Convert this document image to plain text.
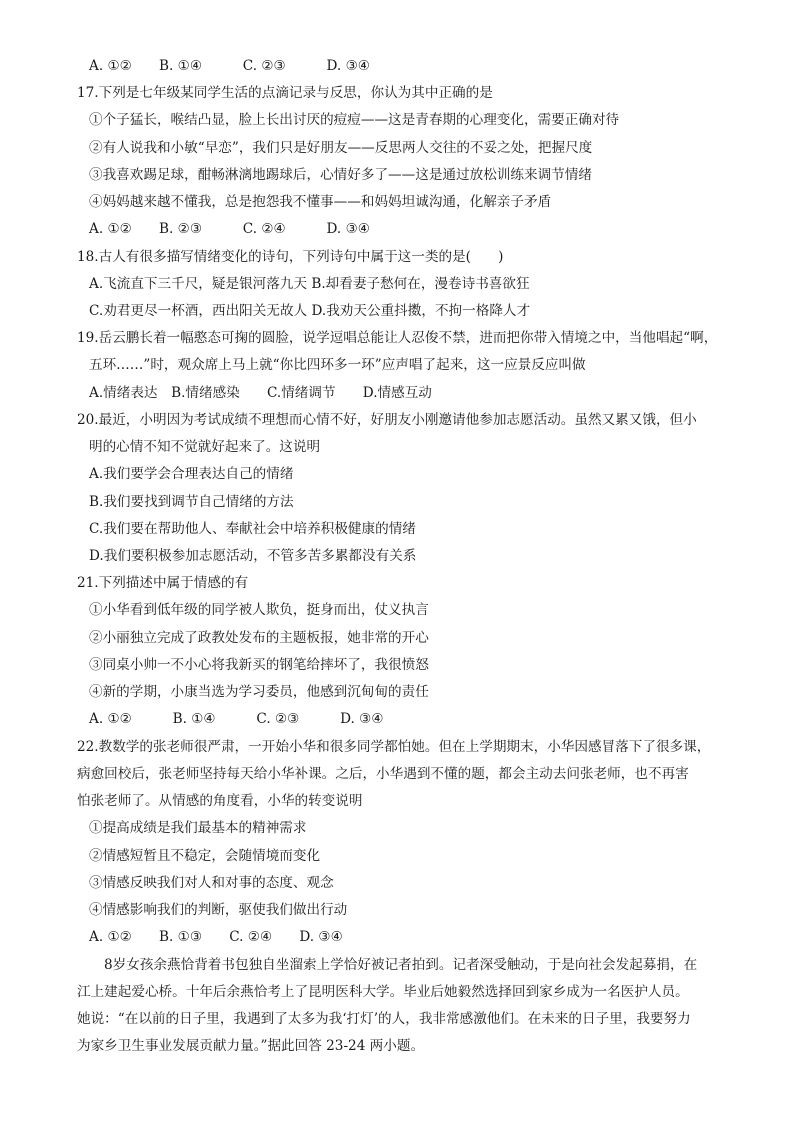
A. ①②　　B. ①④　　　C. ②③　　　D. ③④
17.下列是七年级某同学生活的点滴记录与反思，你认为其中正确的是
①个子猛长，喉结凸显，脸上长出讨厌的痘痘——这是青春期的心理变化，需要正确对待
②有人说我和小敏“早恋”，我们只是好朋友——反思两人交往的不妥之处，把握尺度
③我喜欢踢足球，酣畅淋漓地踢球后，心情好多了——这是通过放松训练来调节情绪
④妈妈越来越不懂我，总是抱怨我不懂事——和妈妈坦诚沟通，化解亲子矛盾
A. ①②　　B. ②③　　　C. ②④　　　D. ③④
18.古人有很多描写情绪变化的诗句，下列诗句中属于这一类的是(　　)
A.飞流直下三千尺，疑是银河落九天 B.却看妻子愁何在，漫卷诗书喜欲狂
C.劝君更尽一杯酒，西出阳关无故人 D.我劝天公重抖擞，不拘一格降人才
19.岳云鹏长着一幅憨态可掬的圆脸，说学逗唱总能让人忍俊不禁，进而把你带入情境之中，当他唱起“啊，
五环……”时，观众席上马上就“你比四环多一环”应声唱了起来，这一应景反应叫做
A.情绪表达　B.情绪感染　　C.情绪调节　　D.情感互动
20.最近，小明因为考试成绩不理想而心情不好，好朋友小刚邀请他参加志愿活动。虽然又累又饿，但小
明的心情不知不觉就好起来了。这说明
A.我们要学会合理表达自己的情绪
B.我们要找到调节自己情绪的方法
C.我们要在帮助他人、奉献社会中培养积极健康的情绪
D.我们要积极参加志愿活动，不管多苦多累都没有关系
21.下列描述中属于情感的有
①小华看到低年级的同学被人欺负，挺身而出，仗义执言
②小丽独立完成了政教处发布的主题板报，她非常的开心
③同桌小帅一不小心将我新买的钢笔给摔坏了，我很愤怒
④新的学期，小康当选为学习委员，他感到沉甸甸的责任
A. ①②　　　B. ①④　　　C. ②③　　　D. ③④
22.教数学的张老师很严肃，一开始小华和很多同学都怕她。但在上学期期末，小华因感冒落下了很多课，
病愈回校后，张老师坚持每天给小华补课。之后，小华遇到不懂的题，都会主动去问张老师，也不再害
怕张老师了。从情感的角度看，小华的转变说明
①提高成绩是我们最基本的精神需求
②情感短暂且不稳定，会随情境而变化
③情感反映我们对人和对事的态度、观念
④情感影响我们的判断，驱使我们做出行动
A. ①②　　B. ①③　　C. ②④　　D. ③④
8岁女孩余燕恰背着书包独自坐溜索上学恰好被记者拍到。记者深受触动，于是向社会发起募捐，在
江上建起爱心桥。十年后余燕恰考上了昆明医科大学。毕业后她毅然选择回到家乡成为一名医护人员。
她说：“在以前的日子里，我遇到了太多为我‘打灯’的人，我非常感激他们。在未来的日子里，我要努力
为家乡卫生事业发展贡献力量。”据此回答 23-24 两小题。
